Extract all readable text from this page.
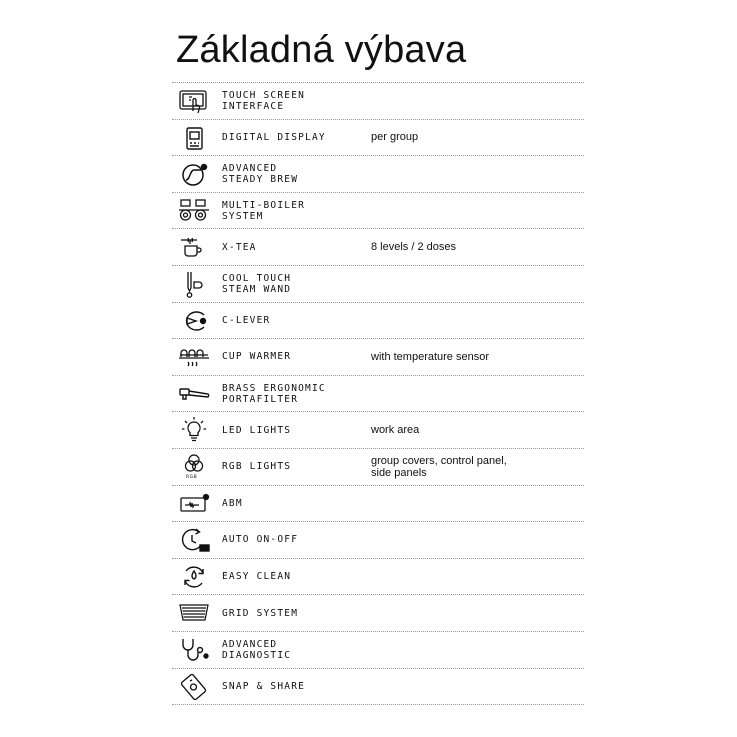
Základná výbava
TOUCH SCREEN
INTERFACE
DIGITAL DISPLAY	per group
ADVANCED
STEADY BREW
MULTI-BOILER
SYSTEM
X-TEA	8 levels / 2 doses
COOL TOUCH
STEAM WAND
C-LEVER
CUP WARMER	with temperature sensor
BRASS ERGONOMIC
PORTAFILTER
LED LIGHTS	work area
RGB LIGHTS	group covers, control panel,
side panels
RGB
ABM
AUTO ON-OFF
EASY CLEAN
GRID SYSTEM
ADVANCED
DIAGNOSTIC
SNAP & SHARE
